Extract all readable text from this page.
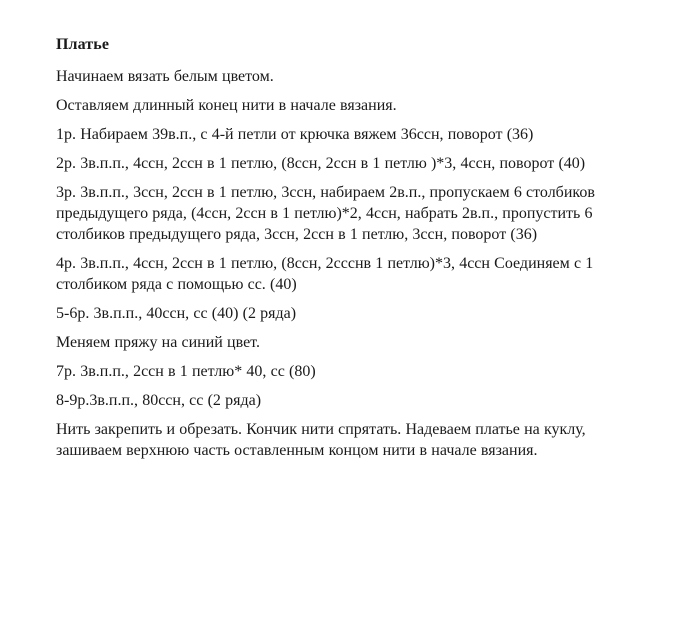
Платье

Начинаем вязать белым цветом.

Оставляем длинный конец нити в начале вязания.

1р. Набираем 39в.п., с 4-й петли от крючка вяжем 36ссн, поворот (36)

2р. 3в.п.п., 4ссн, 2ссн в 1 петлю, (8ссн, 2ссн в 1 петлю )*3, 4ссн, поворот (40)

3р. 3в.п.п., 3ссн, 2ссн в 1 петлю, 3ссн, набираем 2в.п., пропускаем 6 столбиков предыдущего ряда, (4ссн, 2ссн в 1 петлю)*2, 4ссн, набрать 2в.п., пропустить 6 столбиков предыдущего ряда, 3ссн, 2ссн в 1 петлю, 3ссн, поворот (36)

4р. 3в.п.п., 4ссн, 2ссн в 1 петлю, (8ссн, 2ссснв 1 петлю)*3, 4ссн Соединяем с 1 столбиком ряда с помощью сс. (40)

5-6р. 3в.п.п., 40ссн, сс (40) (2 ряда)

Меняем пряжу на синий цвет.

7р. 3в.п.п., 2ссн в 1 петлю* 40, сс (80)

8-9р.3в.п.п., 80ссн, сс (2 ряда)

Нить закрепить и обрезать. Кончик нити спрятать. Надеваем платье на куклу, зашиваем верхнюю часть оставленным концом нити в начале вязания.
